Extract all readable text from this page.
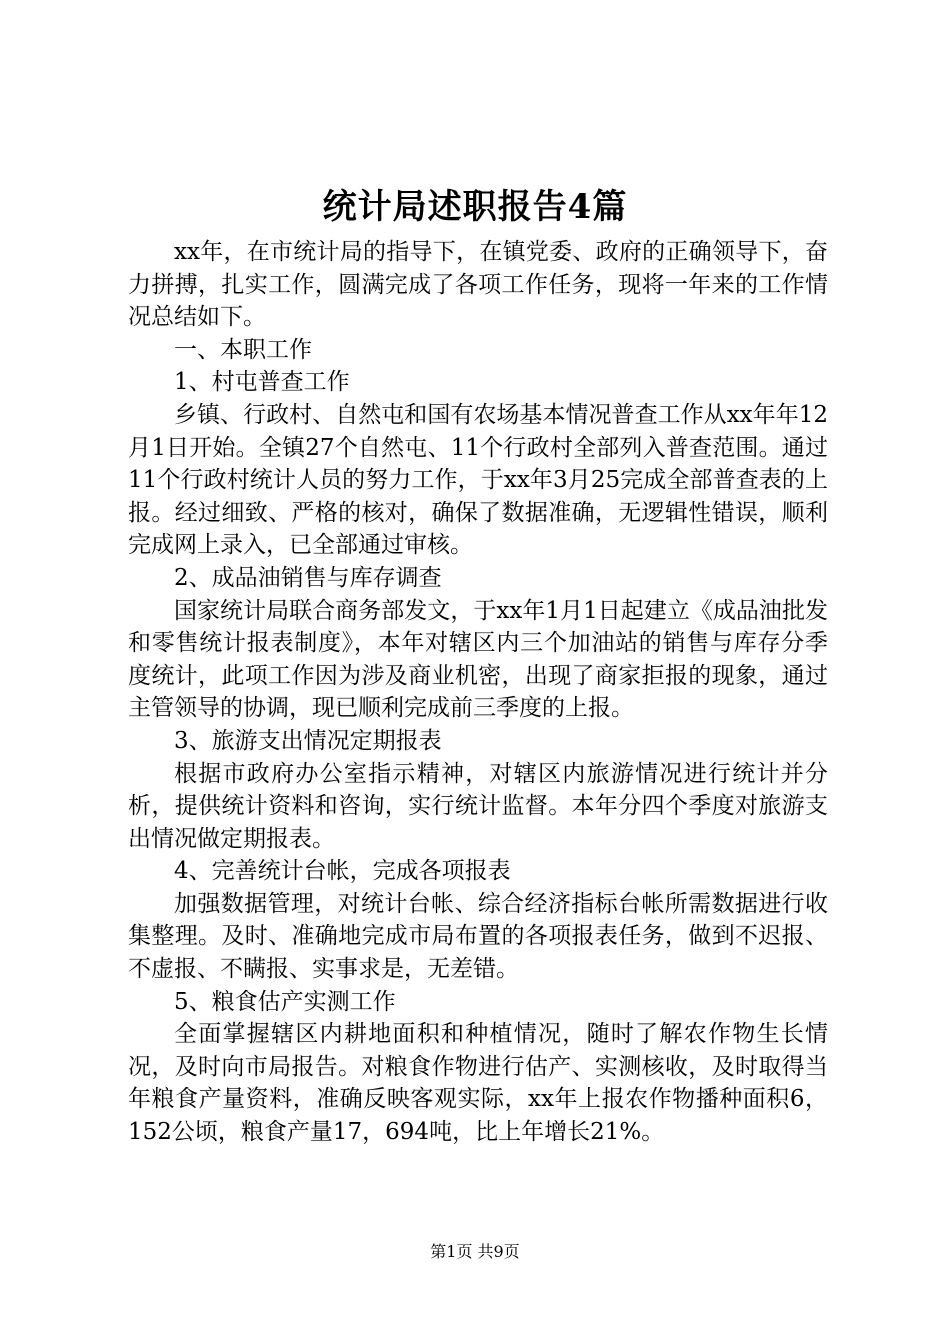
统计局述职报告4篇

xx年，在市统计局的指导下，在镇党委、政府的正确领导下，奋力拼搏，扎实工作，圆满完成了各项工作任务，现将一年来的工作情况总结如下。

一、本职工作

1、村屯普查工作

乡镇、行政村、自然屯和国有农场基本情况普查工作从xx年年12月1日开始。全镇27个自然屯、11个行政村全部列入普查范围。通过11个行政村统计人员的努力工作，于xx年3月25完成全部普查表的上报。经过细致、严格的核对，确保了数据准确，无逻辑性错误，顺利完成网上录入，已全部通过审核。

2、成品油销售与库存调查

国家统计局联合商务部发文，于xx年1月1日起建立《成品油批发和零售统计报表制度》，本年对辖区内三个加油站的销售与库存分季度统计，此项工作因为涉及商业机密，出现了商家拒报的现象，通过主管领导的协调，现已顺利完成前三季度的上报。

3、旅游支出情况定期报表

根据市政府办公室指示精神，对辖区内旅游情况进行统计并分析，提供统计资料和咨询，实行统计监督。本年分四个季度对旅游支出情况做定期报表。

4、完善统计台帐，完成各项报表

加强数据管理，对统计台帐、综合经济指标台帐所需数据进行收集整理。及时、准确地完成市局布置的各项报表任务，做到不迟报、不虚报、不瞒报、实事求是，无差错。

5、粮食估产实测工作

全面掌握辖区内耕地面积和种植情况，随时了解农作物生长情况，及时向市局报告。对粮食作物进行估产、实测核收，及时取得当年粮食产量资料，准确反映客观实际，xx年上报农作物播种面积6，152公顷，粮食产量17，694吨，比上年增长21%。

第1页 共9页
